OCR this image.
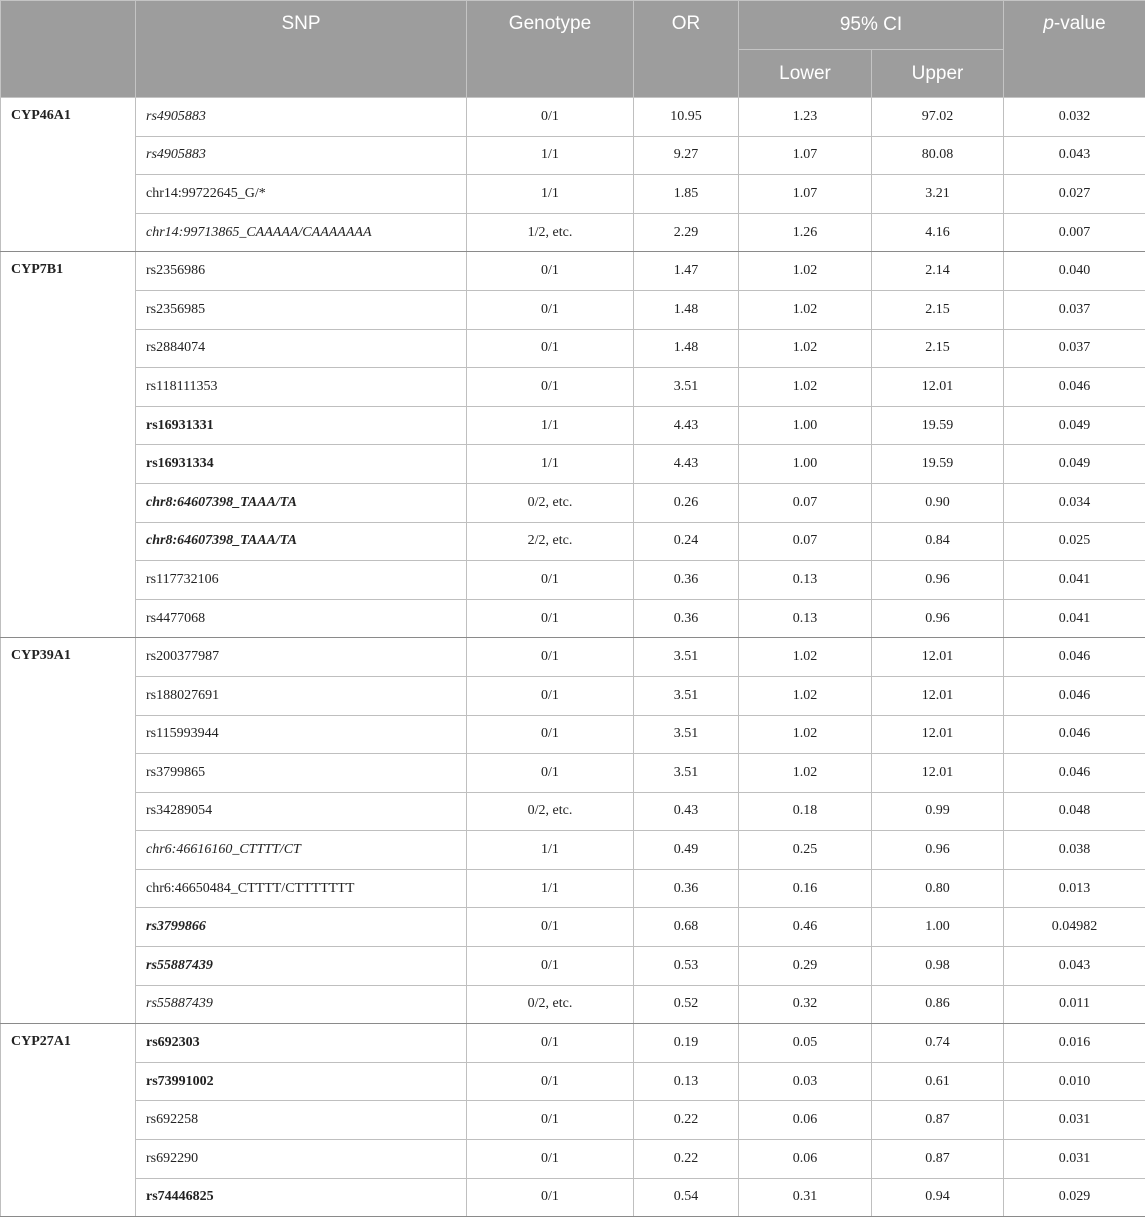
	SNP	Genotype	OR	95% CI		p-value
				Lower	Upper	
CYP46A1	rs4905883	0/1	10.95	1.23	97.02	0.032
	rs4905883	1/1	9.27	1.07	80.08	0.043
	chr14:99722645_G/*	1/1	1.85	1.07	3.21	0.027
	chr14:99713865_CAAAAA/CAAAAAAA	1/2, etc.	2.29	1.26	4.16	0.007
CYP7B1	rs2356986	0/1	1.47	1.02	2.14	0.040
	rs2356985	0/1	1.48	1.02	2.15	0.037
	rs2884074	0/1	1.48	1.02	2.15	0.037
	rs118111353	0/1	3.51	1.02	12.01	0.046
	rs16931331	1/1	4.43	1.00	19.59	0.049
	rs16931334	1/1	4.43	1.00	19.59	0.049
	chr8:64607398_TAAA/TA	0/2, etc.	0.26	0.07	0.90	0.034
	chr8:64607398_TAAA/TA	2/2, etc.	0.24	0.07	0.84	0.025
	rs117732106	0/1	0.36	0.13	0.96	0.041
	rs4477068	0/1	0.36	0.13	0.96	0.041
CYP39A1	rs200377987	0/1	3.51	1.02	12.01	0.046
	rs188027691	0/1	3.51	1.02	12.01	0.046
	rs115993944	0/1	3.51	1.02	12.01	0.046
	rs3799865	0/1	3.51	1.02	12.01	0.046
	rs34289054	0/2, etc.	0.43	0.18	0.99	0.048
	chr6:46616160_CTTTT/CT	1/1	0.49	0.25	0.96	0.038
	chr6:46650484_CTTTT/CTTTTTTT	1/1	0.36	0.16	0.80	0.013
	rs3799866	0/1	0.68	0.46	1.00	0.04982
	rs55887439	0/1	0.53	0.29	0.98	0.043
	rs55887439	0/2, etc.	0.52	0.32	0.86	0.011
CYP27A1	rs692303	0/1	0.19	0.05	0.74	0.016
	rs73991002	0/1	0.13	0.03	0.61	0.010
	rs692258	0/1	0.22	0.06	0.87	0.031
	rs692290	0/1	0.22	0.06	0.87	0.031
	rs74446825	0/1	0.54	0.31	0.94	0.029
